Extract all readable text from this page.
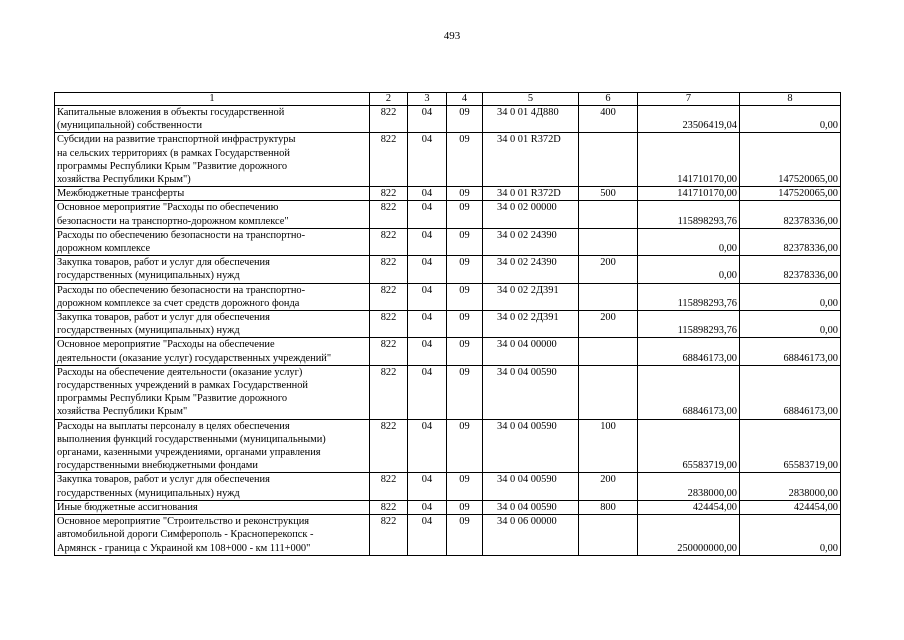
493
1	2	3	4	5	6	7	8

Капитальные вложения в объекты государственной
(муниципальной) собственности	822	04	09	34 0 01 4Д880	400	23506419,04	0,00

Субсидии на развитие транспортной инфраструктуры
на сельских территориях (в рамках Государственной
программы Республики Крым "Развитие дорожного
хозяйства Республики Крым")	822	04	09	34 0 01 R372D		141710170,00	147520065,00

Межбюджетные трансферты	822	04	09	34 0 01 R372D	500	141710170,00	147520065,00

Основное мероприятие "Расходы по обеспечению
безопасности на транспортно-дорожном комплексе"	822	04	09	34 0 02 00000		115898293,76	82378336,00

Расходы по обеспечению безопасности на транспортно-
дорожном комплексе	822	04	09	34 0 02 24390		0,00	82378336,00

Закупка товаров, работ и услуг для обеспечения
государственных (муниципальных) нужд	822	04	09	34 0 02 24390	200	0,00	82378336,00

Расходы по обеспечению безопасности на транспортно-
дорожном комплексе за счет средств дорожного фонда	822	04	09	34 0 02 2Д391		115898293,76	0,00

Закупка товаров, работ и услуг для обеспечения
государственных (муниципальных) нужд	822	04	09	34 0 02 2Д391	200	115898293,76	0,00

Основное мероприятие "Расходы на обеспечение
деятельности (оказание услуг) государственных учреждений"	822	04	09	34 0 04 00000		68846173,00	68846173,00

Расходы на обеспечение деятельности (оказание услуг)
государственных учреждений в рамках Государственной
программы Республики Крым "Развитие дорожного
хозяйства Республики Крым"	822	04	09	34 0 04 00590		68846173,00	68846173,00

Расходы на выплаты персоналу в целях обеспечения
выполнения функций государственными (муниципальными)
органами, казенными учреждениями, органами управления
государственными внебюджетными фондами	822	04	09	34 0 04 00590	100	65583719,00	65583719,00

Закупка товаров, работ и услуг для обеспечения
государственных (муниципальных) нужд	822	04	09	34 0 04 00590	200	2838000,00	2838000,00

Иные бюджетные ассигнования	822	04	09	34 0 04 00590	800	424454,00	424454,00

Основное мероприятие "Строительство и реконструкция
автомобильной дороги Симферополь - Красноперекопск -
Армянск - граница с Украиной км 108+000 - км 111+000"	822	04	09	34 0 06 00000		250000000,00	0,00
